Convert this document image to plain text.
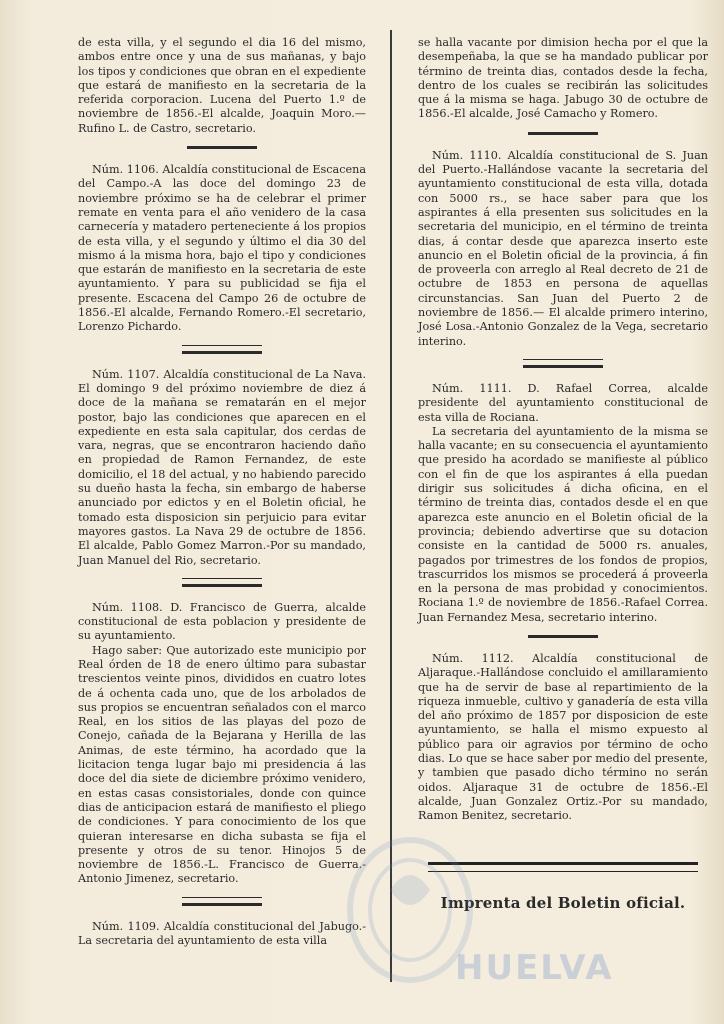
de esta villa, y el segundo el dia 16 del mismo, ambos entre once y una de sus mañanas, y bajo los tipos y condiciones que obran en el expediente que estará de manifiesto en la secretaria de la referida corporacion. Lucena del Puerto 1.º de noviembre de 1856.-El alcalde, Joaquin Moro.— Rufino L. de Castro, secretario.

Núm. 1106. Alcaldía constitucional de Escacena del Campo.-A las doce del domingo 23 de noviembre próximo se ha de celebrar el primer remate en venta para el año venidero de la casa carnecería y matadero perteneciente á los propios de esta villa, y el segundo y último el dia 30 del mismo á la misma hora, bajo el tipo y condiciones que estarán de manifiesto en la secretaria de este ayuntamiento. Y para su publicidad se fija el presente. Escacena del Campo 26 de octubre de 1856.-El alcalde, Fernando Romero.-El secretario, Lorenzo Pichardo.

Núm. 1107. Alcaldía constitucional de La Nava. El domingo 9 del próximo noviembre de diez á doce de la mañana se rematarán en el mejor postor, bajo las condiciones que aparecen en el expediente en esta sala capitular, dos cerdas de vara, negras, que se encontraron haciendo daño en propiedad de Ramon Fernandez, de este domicilio, el 18 del actual, y no habiendo parecido su dueño hasta la fecha, sin embargo de haberse anunciado por edictos y en el Boletin oficial, he tomado esta disposicion sin perjuicio para evitar mayores gastos. La Nava 29 de octubre de 1856. El alcalde, Pablo Gomez Marron.-Por su mandado, Juan Manuel del Rio, secretario.

Núm. 1108. D. Francisco de Guerra, alcalde constitucional de esta poblacion y presidente de su ayuntamiento.

Hago saber: Que autorizado este municipio por Real órden de 18 de enero último para subastar trescientos veinte pinos, divididos en cuatro lotes de á ochenta cada uno, que de los arbolados de sus propios se encuentran señalados con el marco Real, en los sitios de las playas del pozo de Conejo, cañada de la Bejarana y Herilla de las Animas, de este término, ha acordado que la licitacion tenga lugar bajo mi presidencia á las doce del dia siete de diciembre próximo venidero, en estas casas consistoriales, donde con quince dias de anticipacion estará de manifiesto el pliego de condiciones. Y para conocimiento de los que quieran interesarse en dicha subasta se fija el presente y otros de su tenor. Hinojos 5 de noviembre de 1856.-L. Francisco de Guerra.-Antonio Jimenez, secretario.

Núm. 1109. Alcaldía constitucional del Jabugo.-La secretaria del ayuntamiento de esta villa

se halla vacante por dimision hecha por el que la desempeñaba, la que se ha mandado publicar por término de treinta dias, contados desde la fecha, dentro de los cuales se recibirán las solicitudes que á la misma se haga. Jabugo 30 de octubre de 1856.-El alcalde, José Camacho y Romero.

Núm. 1110. Alcaldía constitucional de S. Juan del Puerto.-Hallándose vacante la secretaria del ayuntamiento constitucional de esta villa, dotada con 5000 rs., se hace saber para que los aspirantes á ella presenten sus solicitudes en la secretaria del municipio, en el término de treinta dias, á contar desde que aparezca inserto este anuncio en el Boletin oficial de la provincia, á fin de proveerla con arreglo al Real decreto de 21 de octubre de 1853 en persona de aquellas circunstancias. San Juan del Puerto 2 de noviembre de 1856.— El alcalde primero interino, José Losa.-Antonio Gonzalez de la Vega, secretario interino.

Núm. 1111. D. Rafael Correa, alcalde presidente del ayuntamiento constitucional de esta villa de Rociana.

La secretaria del ayuntamiento de la misma se halla vacante; en su consecuencia el ayuntamiento que presido ha acordado se manifieste al público con el fin de que los aspirantes á ella puedan dirigir sus solicitudes á dicha oficina, en el término de treinta dias, contados desde el en que aparezca este anuncio en el Boletin oficial de la provincia; debiendo advertirse que su dotacion consiste en la cantidad de 5000 rs. anuales, pagados por trimestres de los fondos de propios, trascurridos los mismos se procederá á proveerla en la persona de mas probidad y conocimientos. Rociana 1.º de noviembre de 1856.-Rafael Correa. Juan Fernandez Mesa, secretario interino.

Núm. 1112. Alcaldía constitucional de Aljaraque.-Hallándose concluido el amillaramiento que ha de servir de base al repartimiento de la riqueza inmueble, cultivo y ganadería de esta villa del año próximo de 1857 por disposicion de este ayuntamiento, se halla el mismo expuesto al público para oir agravios por término de ocho dias. Lo que se hace saber por medio del presente, y tambien que pasado dicho término no serán oidos. Aljaraque 31 de octubre de 1856.-El alcalde, Juan Gonzalez Ortiz.-Por su mandado, Ramon Benitez, secretario.

Imprenta del Boletin oficial.
HUELVA
